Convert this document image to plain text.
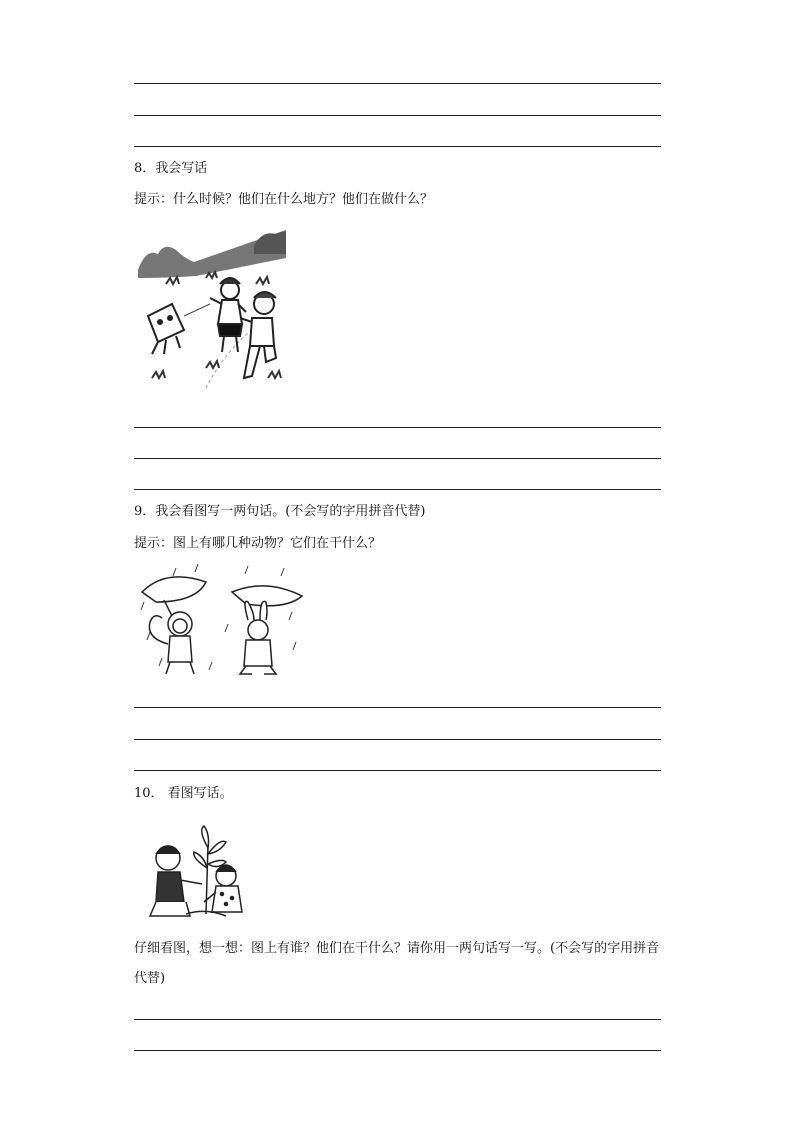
8．我会写话
提示：什么时候？他们在什么地方？他们在做什么？
9．我会看图写一两句话。(不会写的字用拼音代替)
提示：图上有哪几种动物？它们在干什么？
10． 看图写话。
仔细看图，想一想：图上有谁？他们在干什么？请你用一两句话写一写。(不会写的字用拼音代替)
